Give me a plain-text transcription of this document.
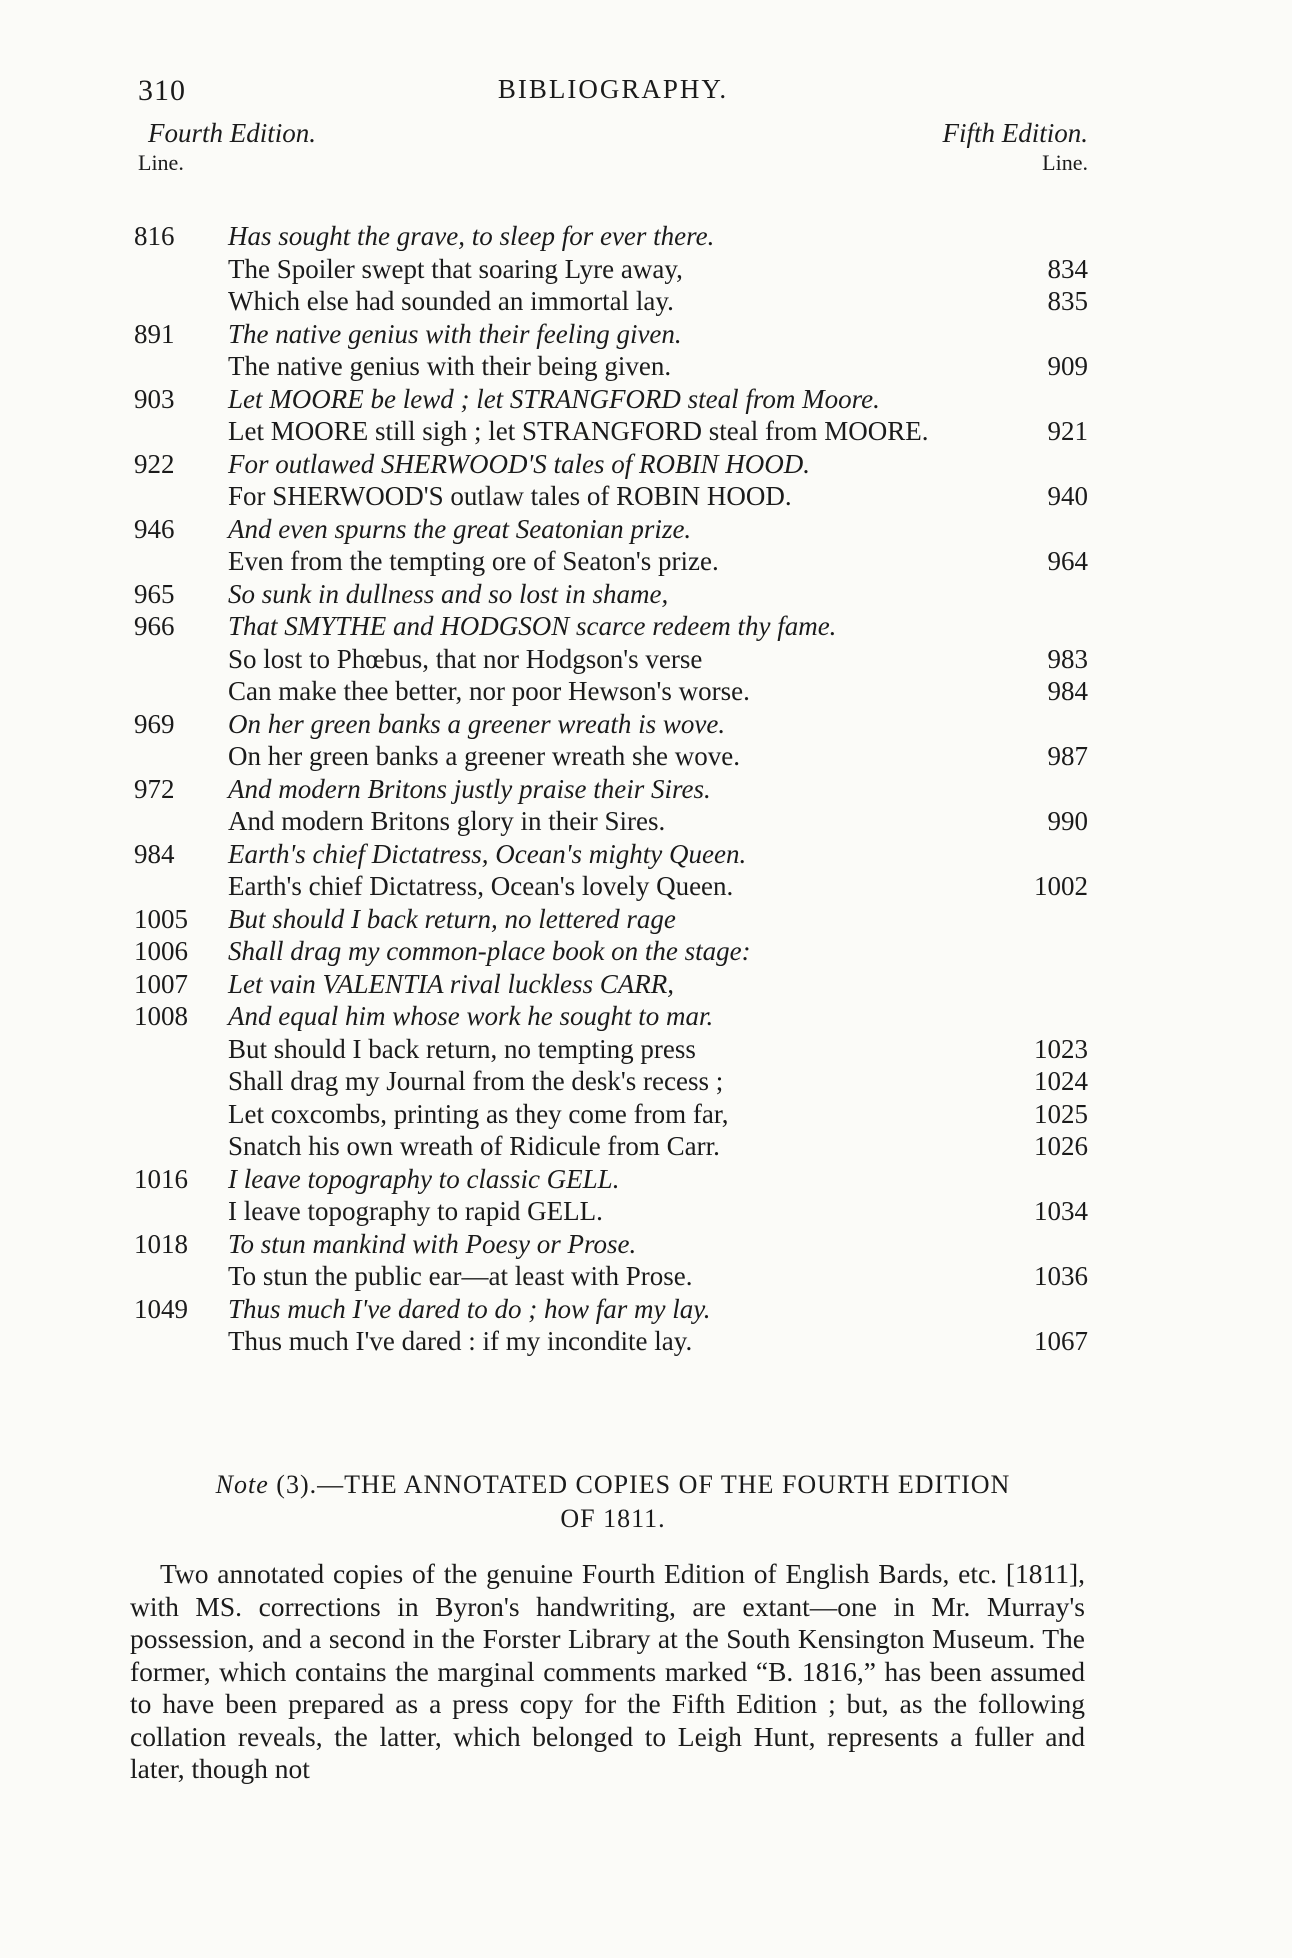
310	BIBLIOGRAPHY.
Fourth Edition.	Fifth Edition.
Line.	Line.
816	Has sought the grave, to sleep for ever there.
The Spoiler swept that soaring Lyre away,	834
Which else had sounded an immortal lay.	835
891	The native genius with their feeling given.
The native genius with their being given.	909
903	Let MOORE be lewd ; let STRANGFORD steal from Moore.
Let MOORE still sigh ; let STRANGFORD steal from MOORE.	921
922	For outlawed SHERWOOD'S tales of ROBIN HOOD.
For SHERWOOD'S outlaw tales of ROBIN HOOD.	940
946	And even spurns the great Seatonian prize.
Even from the tempting ore of Seaton's prize.	964
965	So sunk in dullness and so lost in shame,
966	That SMYTHE and HODGSON scarce redeem thy fame.
So lost to Phœbus, that nor Hodgson's verse	983
Can make thee better, nor poor Hewson's worse.	984
969	On her green banks a greener wreath is wove.
On her green banks a greener wreath she wove.	987
972	And modern Britons justly praise their Sires.
And modern Britons glory in their Sires.	990
984	Earth's chief Dictatress, Ocean's mighty Queen.
Earth's chief Dictatress, Ocean's lovely Queen.	1002
1005	But should I back return, no lettered rage
1006	Shall drag my common-place book on the stage:
1007	Let vain VALENTIA rival luckless CARR,
1008	And equal him whose work he sought to mar.
But should I back return, no tempting press	1023
Shall drag my Journal from the desk's recess ;	1024
Let coxcombs, printing as they come from far,	1025
Snatch his own wreath of Ridicule from Carr.	1026
1016	I leave topography to classic GELL.
I leave topography to rapid GELL.	1034
1018	To stun mankind with Poesy or Prose.
To stun the public ear—at least with Prose.	1036
1049	Thus much I've dared to do ; how far my lay.
Thus much I've dared : if my incondite lay.	1067
Note (3).—THE ANNOTATED COPIES OF THE FOURTH EDITION
OF 1811.
Two annotated copies of the genuine Fourth Edition of English Bards, etc. [1811], with MS. corrections in Byron's handwriting, are extant—one in Mr. Murray's possession, and a second in the Forster Library at the South Kensington Museum. The former, which contains the marginal comments marked “B. 1816,” has been assumed to have been prepared as a press copy for the Fifth Edition ; but, as the following collation reveals, the latter, which belonged to Leigh Hunt, represents a fuller and later, though not
